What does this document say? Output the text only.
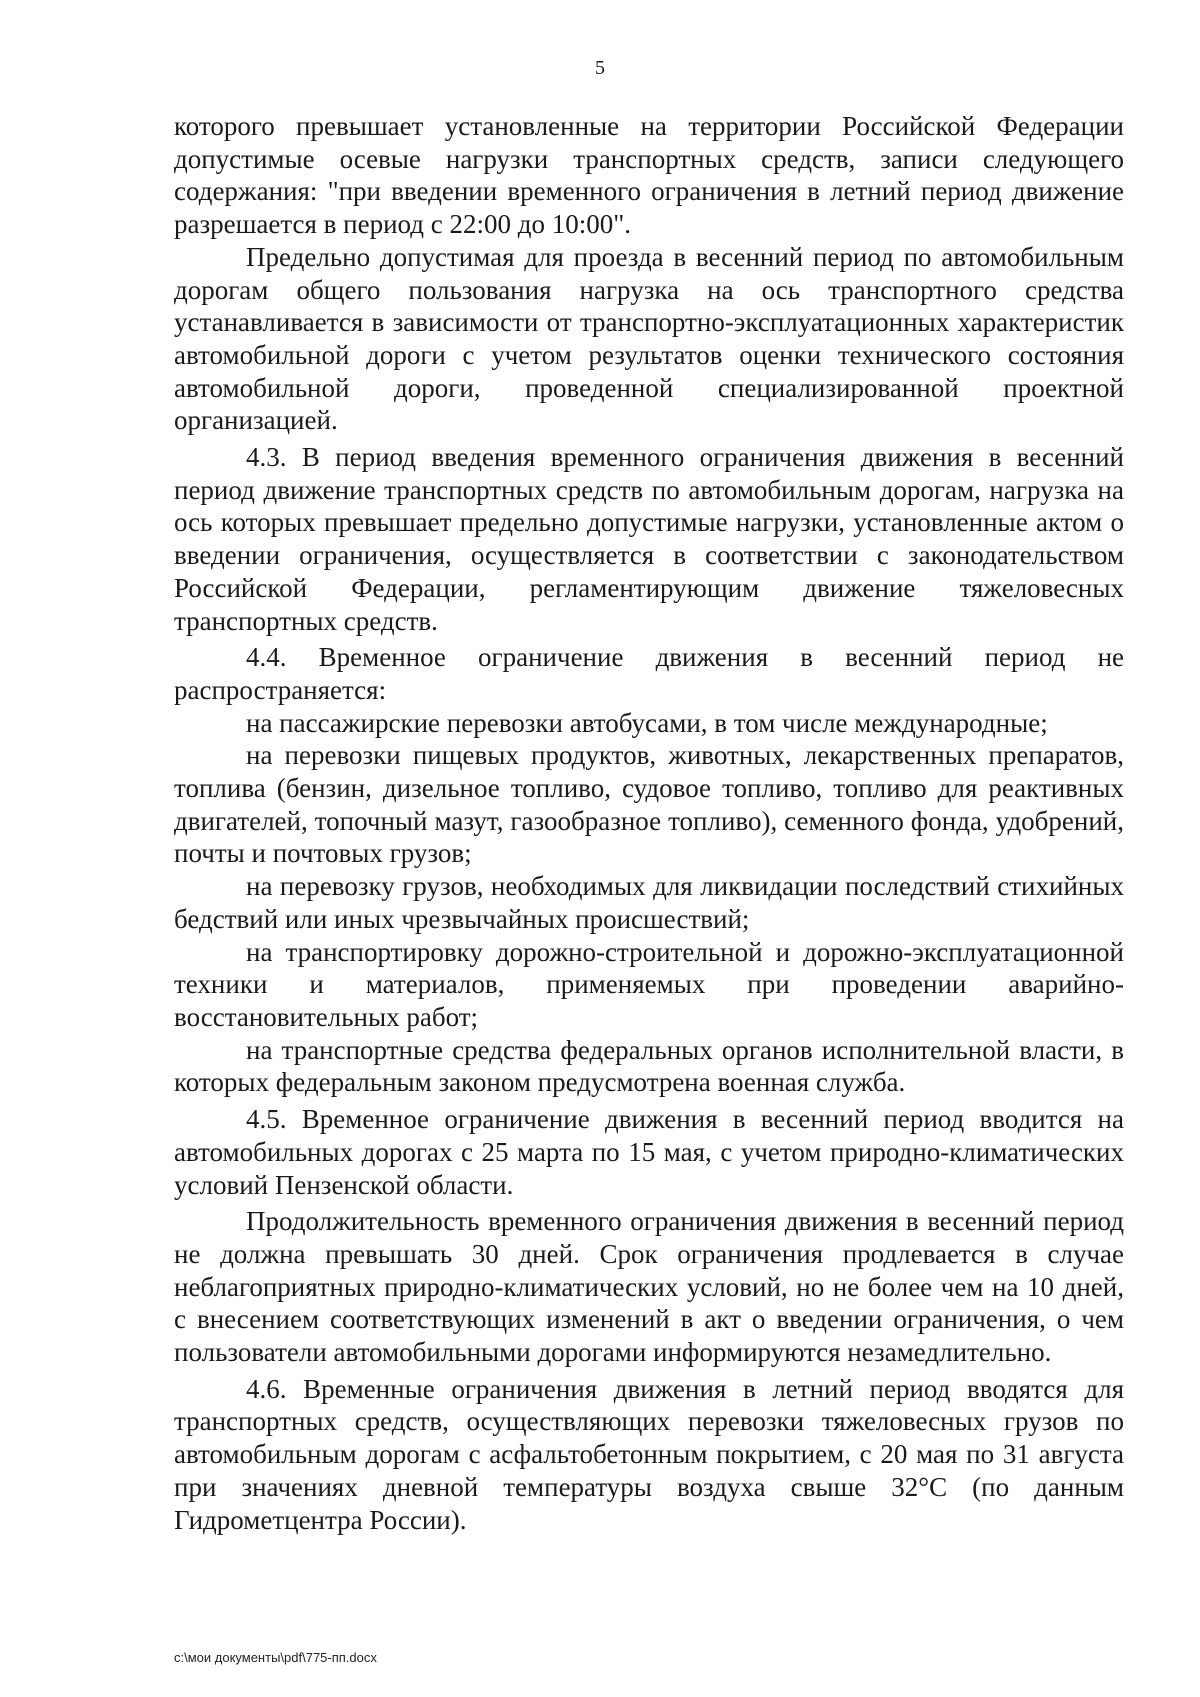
5

которого превышает установленные на территории Российской Федерации допустимые осевые нагрузки транспортных средств, записи следующего содержания: "при введении временного ограничения в летний период движение разрешается в период с 22:00 до 10:00".

Предельно допустимая для проезда в весенний период по автомобильным дорогам общего пользования нагрузка на ось транспортного средства устанавливается в зависимости от транспортно-эксплуатационных характеристик автомобильной дороги с учетом результатов оценки технического состояния автомобильной дороги, проведенной специализированной проектной организацией.

4.3. В период введения временного ограничения движения в весенний период движение транспортных средств по автомобильным дорогам, нагрузка на ось которых превышает предельно допустимые нагрузки, установленные актом о введении ограничения, осуществляется в соответствии с законодательством Российской Федерации, регламентирующим движение тяжеловесных транспортных средств.

4.4. Временное ограничение движения в весенний период не распространяется:

на пассажирские перевозки автобусами, в том числе международные;

на перевозки пищевых продуктов, животных, лекарственных препаратов, топлива (бензин, дизельное топливо, судовое топливо, топливо для реактивных двигателей, топочный мазут, газообразное топливо), семенного фонда, удобрений, почты и почтовых грузов;

на перевозку грузов, необходимых для ликвидации последствий стихийных бедствий или иных чрезвычайных происшествий;

на транспортировку дорожно-строительной и дорожно-эксплуатационной техники и материалов, применяемых при проведении аварийно-восстановительных работ;

на транспортные средства федеральных органов исполнительной власти, в которых федеральным законом предусмотрена военная служба.

4.5. Временное ограничение движения в весенний период вводится на автомобильных дорогах с 25 марта по 15 мая, с учетом природно-климатических условий Пензенской области.

Продолжительность временного ограничения движения в весенний период не должна превышать 30 дней. Срок ограничения продлевается в случае неблагоприятных природно-климатических условий, но не более чем на 10 дней, с внесением соответствующих изменений в акт о введении ограничения, о чем пользователи автомобильными дорогами информируются незамедлительно.

4.6. Временные ограничения движения в летний период вводятся для транспортных средств, осуществляющих перевозки тяжеловесных грузов по автомобильным дорогам с асфальтобетонным покрытием, с 20 мая по 31 августа при значениях дневной температуры воздуха свыше 32°С (по данным Гидрометцентра России).

c:\мои документы\pdf\775-пп.docx
